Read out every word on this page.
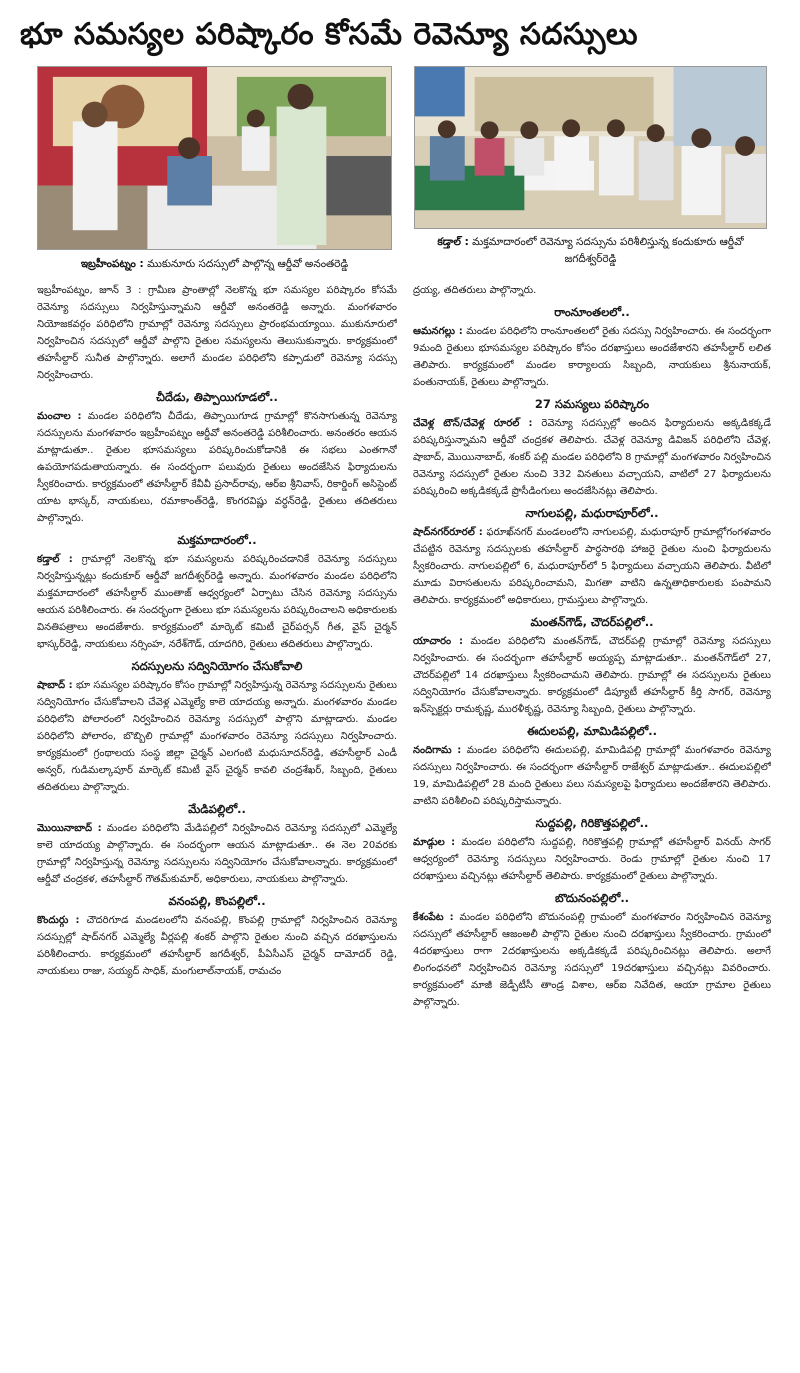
భూ సమస్యల పరిష్కారం కోసమే రెవెన్యూ సదస్సులు
ఇబ్రహీంపట్నం : ముకునూరు సదస్సులో పాల్గొన్న ఆర్డీవో అనంతరెడ్డి
కడ్తాల్ : మక్తమాదారంలో రెవెన్యూ సదస్సును పరిశీలిస్తున్న కందుకూరు ఆర్డీవో జగదీశ్వర్‌రెడ్డి

ఇబ్రహీంపట్నం, జూన్ 3 : గ్రామీణ ప్రాంతాల్లో నెలకొన్న భూ సమస్యల పరిష్కారం కోసమే రెవెన్యూ సదస్సులు నిర్వహిస్తున్నామని ఆర్డీవో అనంతరెడ్డి అన్నారు. మంగళవారం నియోజకవర్గం పరిధిలోని గ్రామాల్లో రెవెన్యూ సదస్సులు ప్రారంభమయ్యాయి. ముకునూరులో నిర్వహించిన సదస్సులో ఆర్డీవో పాల్గొని రైతుల సమస్యలను తెలుసుకున్నారు. కార్యక్రమంలో తహసీల్దార్ సునీత పాల్గొన్నారు. అలాగే మండల పరిధిలోని కప్పాడులో రెవెన్యూ సదస్సు నిర్వహించారు.

చీదేడు, తిప్పాయిగూడలో..

మంచాల : మండల పరిధిలోని చీదేడు, తిప్పాయిగూడ గ్రామాల్లో కొనసాగుతున్న రెవెన్యూ సదస్సులను మంగళవారం ఇబ్రహీంపట్నం ఆర్డీవో అనంతరెడ్డి పరిశీలించారు. అనంతరం ఆయన మాట్లాడుతూ.. రైతుల భూసమస్యలు పరిష్కరించుకోడానికి ఈ సభలు ఎంతగానో ఉపయోగపడుతాయన్నారు. ఈ సందర్భంగా పలువురు రైతులు అందజేసిన ఫిర్యాదులను స్వీకరించారు. కార్యక్రమంలో తహసీల్దార్ కేవీవీ ప్రసాద్‌రావు, ఆర్ఐ శ్రీనివాస్, రికార్డింగ్ అసిస్టెంట్ యాట భాస్కర్, నాయకులు, రమాకాంత్‌రెడ్డి, కొంగరవిష్ణు వర్ధన్‌రెడ్డి, రైతులు తదితరులు పాల్గొన్నారు.

మక్తమాదారంలో..

కడ్తాల్ : గ్రామాల్లో నెలకొన్న భూ సమస్యలను పరిష్కరించడానికే రెవెన్యూ సదస్సులు నిర్వహిస్తున్నట్లు కందుకూర్ ఆర్డీవో జగదీశ్వర్‌రెడ్డి అన్నారు. మంగళవారం మండల పరిధిలోని మక్తమాదారంలో తహసీల్దార్ ముంతాజ్ ఆధ్వర్యంలో ఏర్పాటు చేసిన రెవెన్యూ సదస్సును ఆయన పరిశీలించారు. ఈ సందర్భంగా రైతులు భూ సమస్యలను పరిష్కరించాలని అధికారులకు వినతిపత్రాలు అందజేశారు. కార్యక్రమంలో మార్కెట్ కమిటీ చైర్‌పర్సన్ గీత, వైస్ చైర్మన్ భాస్కర్‌రెడ్డి, నాయకులు నర్సింహ, నరేశ్‌గౌడ్, యాదగిరి, రైతులు తదితరులు పాల్గొన్నారు.

సదస్సులను సద్వినియోగం చేసుకోవాలి

షాబాద్ : భూ సమస్యల పరిష్కారం కోసం గ్రామాల్లో నిర్వహిస్తున్న రెవెన్యూ సదస్సులను రైతులు సద్వినియోగం చేసుకోవాలని చేవెళ్ల ఎమ్మెల్యే కాలె యాదయ్య అన్నారు. మంగళవారం మండల పరిధిలోని పోలారంలో నిర్వహించిన రెవెన్యూ సదస్సులో పాల్గొని మాట్లాడారు. మండల పరిధిలోని పోలారం, బొబ్బిలి గ్రామాల్లో మంగళవారం రెవెన్యూ సదస్సులు నిర్వహించారు. కార్యక్రమంలో గ్రంథాలయ సంస్థ జిల్లా చైర్మన్ ఎలగంటి మధుసూదన్‌రెడ్డి, తహసీల్దార్ ఎండీ అన్వర్, గుడిమల్కాపూర్ మార్కెట్ కమిటీ వైస్ చైర్మన్ కావలి చంద్రశేఖర్, సిబ్బంది, రైతులు తదితరులు పాల్గొన్నారు.

మేడిపల్లిలో..

మొయినాబాద్ : మండల పరిధిలోని మేడిపల్లిలో నిర్వహించిన రెవెన్యూ సదస్సులో ఎమ్మెల్యే కాలె యాదయ్య పాల్గొన్నారు. ఈ సందర్భంగా ఆయన మాట్లాడుతూ.. ఈ నెల 20వరకు గ్రామాల్లో నిర్వహిస్తున్న రెవెన్యూ సదస్సులను సద్వినియోగం చేసుకోవాలన్నారు. కార్యక్రమంలో ఆర్డీవో చంద్రకళ, తహసీల్దార్ గౌతమ్‌కుమార్, అధికారులు, నాయకులు పాల్గొన్నారు.

వనంపల్లి, కొంపల్లిలో..

కొందుర్గు : చౌదరిగూడ మండలంలోని వనంపల్లి, కొంపల్లి గ్రామాల్లో నిర్వహించిన రెవెన్యూ సదస్సుల్లో షాద్‌నగర్ ఎమ్మెల్యే వీర్లపల్లి శంకర్ పాల్గొని రైతుల నుంచి వచ్చిన దరఖాస్తులను పరిశీలించారు. కార్యక్రమంలో తహసీల్దార్ జగదీశ్వర్, పీఏసీఎస్ చైర్మన్ దామోదర్ రెడ్డి, నాయకులు రాజు, సయ్యద్ సాధిక్, మంగులాల్‌నాయక్, రామచం

ద్రయ్య, తదితరులు పాల్గొన్నారు.

రాంనూంతలలో..

ఆమనగల్లు : మండల పరిధిలోని రాంనూంతలలో రైతు సదస్సు నిర్వహించారు. ఈ సందర్భంగా 9మంది రైతులు భూసమస్యల పరిష్కారం కోసం దరఖాస్తులు అందజేశారని తహసీల్దార్ లలిత తెలిపారు. కార్యక్రమంలో మండల కార్యాలయ సిబ్బంది, నాయకులు శ్రీనునాయక్, పంతునాయక్, రైతులు పాల్గొన్నారు.

27 సమస్యలు పరిష్కారం

చేవెళ్ల టౌన్/చేవెళ్ల రూరల్ : రెవెన్యూ సదస్సుల్లో అందిన ఫిర్యాదులను అక్కడికక్కడే పరిష్కరిస్తున్నామని ఆర్డీవో చంద్రకళ తెలిపారు. చేవెళ్ల రెవెన్యూ డివిజన్ పరిధిలోని చేవెళ్ల, షాబాద్, మొయినాబాద్, శంకర్ పల్లి మండల పరిధిలోని 8 గ్రామాల్లో మంగళవారం నిర్వహించిన రెవెన్యూ సదస్సులో రైతుల నుంచి 332 వినతులు వచ్చాయని, వాటిలో 27 ఫిర్యాదులను పరిష్కరించి అక్కడికక్కడే ప్రొసీడింగులు అందజేసినట్లు తెలిపారు.

నాగులపల్లి, మధురాపూర్‌లో..

షాద్‌నగర్‌రూరల్ : ఫరూఖ్‌నగర్ మండలంలోని నాగులపల్లి, మధురాపూర్ గ్రామాల్లోగంగళవారం చేపట్టిన రెవెన్యూ సదస్సులకు తహసీల్దార్ పార్థసారథి హాజరై రైతుల నుంచి ఫిర్యాదులను స్వీకరించారు. నాగులపల్లిలో 6, మధురాపూర్‌లో 5 ఫిర్యాదులు వచ్చాయని తెలిపారు. వీటిలో మూడు విరాసతులను పరిష్కరించామని, మిగతా వాటిని ఉన్నతాధికారులకు పంపామని తెలిపారు. కార్యక్రమంలో అధికారులు, గ్రామస్తులు పాల్గొన్నారు.

మంతన్‌గౌడ్, చౌదర్‌పల్లిలో..

యాచారం : మండల పరిధిలోని మంతన్‌గౌడ్, చౌదర్‌పల్లి గ్రామాల్లో రెవెన్యూ సదస్సులు నిర్వహించారు. ఈ సందర్భంగా తహసీల్దార్ అయ్యప్ప మాట్లాడుతూ.. మంతన్‌గౌడ్‌లో 27, చౌదర్‌పల్లిలో 14 దరఖాస్తులు స్వీకరించామని తెలిపారు. గ్రామాల్లో ఈ సదస్సులను రైతులు సద్వినియోగం చేసుకోవాలన్నారు. కార్యక్రమంలో డిప్యూటీ తహసీల్దార్ కీర్తి సాగర్, రెవెన్యూ ఇన్‌స్పెక్టర్లు రామకృష్ణ, మురళీకృష్ణ, రెవెన్యూ సిబ్బంది, రైతులు పాల్గొన్నారు.

ఈదులపల్లి, మామిడిపల్లిలో..

నందిగామ : మండల పరిధిలోని ఈదులపల్లి, మామిడిపల్లి గ్రామాల్లో మంగళవారం రెవెన్యూ సదస్సులు నిర్వహించారు. ఈ సందర్భంగా తహసీల్దార్ రాజేశ్వర్ మాట్లాడుతూ.. ఈదులపల్లిలో 19, మామిడిపల్లిలో 28 మంది రైతులు పలు సమస్యలపై ఫిర్యాదులు అందజేశారని తెలిపారు. వాటిని పరిశీలించి పరిష్కరిస్తామన్నారు.

సుద్దపల్లి, గిరికొత్తపల్లిలో..

మాడ్గుల : మండల పరిధిలోని సుద్దపల్లి, గిరికొత్తపల్లి గ్రామాల్లో తహసీల్దార్ వినయ్ సాగర్ ఆధ్వర్యంలో రెవెన్యూ సదస్సులు నిర్వహించారు. రెండు గ్రామాల్లో రైతుల నుంచి 17 దరఖాస్తులు వచ్చినట్లు తహసీల్దార్ తెలిపారు. కార్యక్రమంలో రైతులు పాల్గొన్నారు.

బొదునంపల్లిలో..

కేశంపేట : మండల పరిధిలోని బొదునంపల్లి గ్రామంలో మంగళవారం నిర్వహించిన రెవెన్యూ సదస్సులో తహసీల్దార్ ఆజంఅలీ పాల్గొని రైతుల నుంచి దరఖాస్తులు స్వీకరించారు. గ్రామంలో 4దరఖాస్తులు రాగా 2దరఖాస్తులను అక్కడికక్కడే పరిష్కరించినట్లు తెలిపారు. అలాగే లింగంధనలో నిర్వహించిన రెవెన్యూ సదస్సులో 19దరఖాస్తులు వచ్చినట్లు వివరించారు. కార్యక్రమంలో మాజీ జెడ్పీటీసీ తాండ్ర విశాల, ఆర్ఐ నివేదిత, ఆయా గ్రామాల రైతులు పాల్గొన్నారు.
